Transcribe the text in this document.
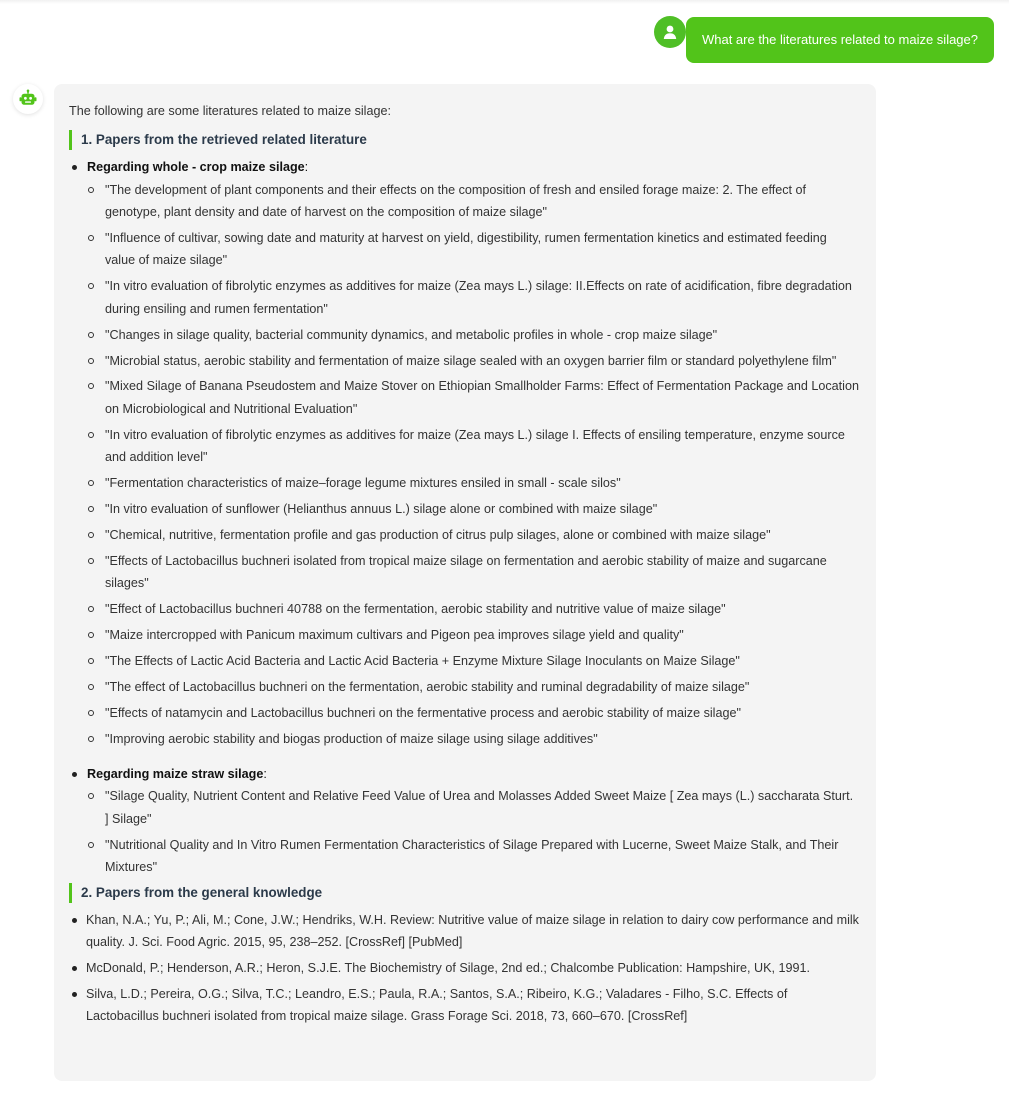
What are the literatures related to maize silage?
The following are some literatures related to maize silage:
1. Papers from the retrieved related literature
Regarding whole - crop maize silage:
"The development of plant components and their effects on the composition of fresh and ensiled forage maize: 2. The effect of genotype, plant density and date of harvest on the composition of maize silage"
"Influence of cultivar, sowing date and maturity at harvest on yield, digestibility, rumen fermentation kinetics and estimated feeding value of maize silage"
"In vitro evaluation of fibrolytic enzymes as additives for maize (Zea mays L.) silage: II.Effects on rate of acidification, fibre degradation during ensiling and rumen fermentation"
"Changes in silage quality, bacterial community dynamics, and metabolic profiles in whole - crop maize silage"
"Microbial status, aerobic stability and fermentation of maize silage sealed with an oxygen barrier film or standard polyethylene film"
"Mixed Silage of Banana Pseudostem and Maize Stover on Ethiopian Smallholder Farms: Effect of Fermentation Package and Location on Microbiological and Nutritional Evaluation"
"In vitro evaluation of fibrolytic enzymes as additives for maize (Zea mays L.) silage I. Effects of ensiling temperature, enzyme source and addition level"
"Fermentation characteristics of maize–forage legume mixtures ensiled in small - scale silos"
"In vitro evaluation of sunflower (Helianthus annuus L.) silage alone or combined with maize silage"
"Chemical, nutritive, fermentation profile and gas production of citrus pulp silages, alone or combined with maize silage"
"Effects of Lactobacillus buchneri isolated from tropical maize silage on fermentation and aerobic stability of maize and sugarcane silages"
"Effect of Lactobacillus buchneri 40788 on the fermentation, aerobic stability and nutritive value of maize silage"
"Maize intercropped with Panicum maximum cultivars and Pigeon pea improves silage yield and quality"
"The Effects of Lactic Acid Bacteria and Lactic Acid Bacteria + Enzyme Mixture Silage Inoculants on Maize Silage"
"The effect of Lactobacillus buchneri on the fermentation, aerobic stability and ruminal degradability of maize silage"
"Effects of natamycin and Lactobacillus buchneri on the fermentative process and aerobic stability of maize silage"
"Improving aerobic stability and biogas production of maize silage using silage additives"
Regarding maize straw silage:
"Silage Quality, Nutrient Content and Relative Feed Value of Urea and Molasses Added Sweet Maize [ Zea mays (L.) saccharata Sturt. ] Silage"
"Nutritional Quality and In Vitro Rumen Fermentation Characteristics of Silage Prepared with Lucerne, Sweet Maize Stalk, and Their Mixtures"
2. Papers from the general knowledge
Khan, N.A.; Yu, P.; Ali, M.; Cone, J.W.; Hendriks, W.H. Review: Nutritive value of maize silage in relation to dairy cow performance and milk quality. J. Sci. Food Agric. 2015, 95, 238–252. [CrossRef] [PubMed]
McDonald, P.; Henderson, A.R.; Heron, S.J.E. The Biochemistry of Silage, 2nd ed.; Chalcombe Publication: Hampshire, UK, 1991.
Silva, L.D.; Pereira, O.G.; Silva, T.C.; Leandro, E.S.; Paula, R.A.; Santos, S.A.; Ribeiro, K.G.; Valadares - Filho, S.C. Effects of Lactobacillus buchneri isolated from tropical maize silage. Grass Forage Sci. 2018, 73, 660–670. [CrossRef]
